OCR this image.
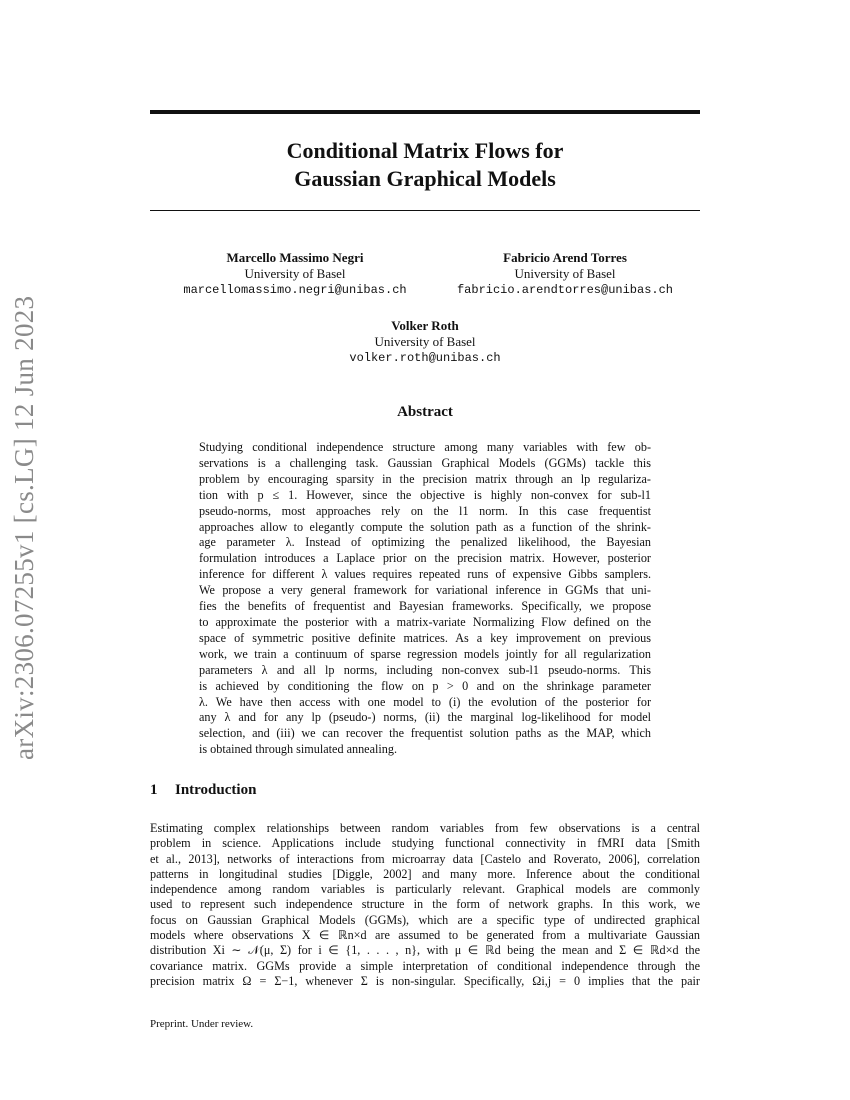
arXiv:2306.07255v1 [cs.LG] 12 Jun 2023
Conditional Matrix Flows for
Gaussian Graphical Models
Marcello Massimo Negri
University of Basel
marcellomassimo.negri@unibas.ch
Fabricio Arend Torres
University of Basel
fabricio.arendtorres@unibas.ch
Volker Roth
University of Basel
volker.roth@unibas.ch
Abstract
Studying conditional independence structure among many variables with few ob-
servations is a challenging task. Gaussian Graphical Models (GGMs) tackle this
problem by encouraging sparsity in the precision matrix through an lp regulariza-
tion with p ≤ 1. However, since the objective is highly non-convex for sub-l1
pseudo-norms, most approaches rely on the l1 norm. In this case frequentist
approaches allow to elegantly compute the solution path as a function of the shrink-
age parameter λ. Instead of optimizing the penalized likelihood, the Bayesian
formulation introduces a Laplace prior on the precision matrix. However, posterior
inference for different λ values requires repeated runs of expensive Gibbs samplers.
We propose a very general framework for variational inference in GGMs that uni-
fies the benefits of frequentist and Bayesian frameworks. Specifically, we propose
to approximate the posterior with a matrix-variate Normalizing Flow defined on the
space of symmetric positive definite matrices. As a key improvement on previous
work, we train a continuum of sparse regression models jointly for all regularization
parameters λ and all lp norms, including non-convex sub-l1 pseudo-norms. This
is achieved by conditioning the flow on p > 0 and on the shrinkage parameter
λ. We have then access with one model to (i) the evolution of the posterior for
any λ and for any lp (pseudo-) norms, (ii) the marginal log-likelihood for model
selection, and (iii) we can recover the frequentist solution paths as the MAP, which
is obtained through simulated annealing.
1 Introduction
Estimating complex relationships between random variables from few observations is a central
problem in science. Applications include studying functional connectivity in fMRI data [Smith
et al., 2013], networks of interactions from microarray data [Castelo and Roverato, 2006], correlation
patterns in longitudinal studies [Diggle, 2002] and many more. Inference about the conditional
independence among random variables is particularly relevant. Graphical models are commonly
used to represent such independence structure in the form of network graphs. In this work, we
focus on Gaussian Graphical Models (GGMs), which are a specific type of undirected graphical
models where observations X ∈ ℝn×d are assumed to be generated from a multivariate Gaussian
distribution Xi ∼ 𝒩(μ, Σ) for i ∈ {1, . . . , n}, with μ ∈ ℝd being the mean and Σ ∈ ℝd×d the
covariance matrix. GGMs provide a simple interpretation of conditional independence through the
precision matrix Ω = Σ−1, whenever Σ is non-singular. Specifically, Ωi,j = 0 implies that the pair
Preprint. Under review.
